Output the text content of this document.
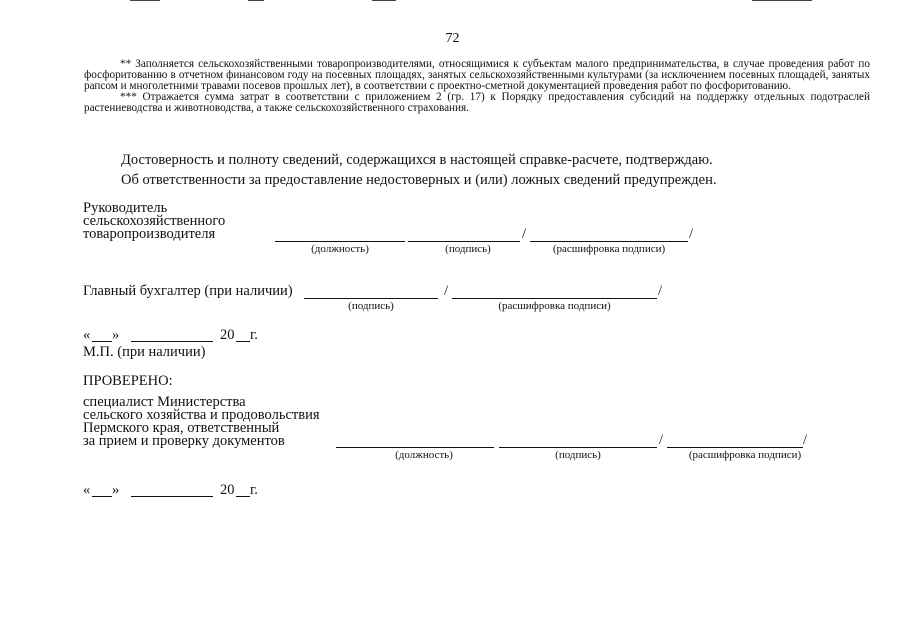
72

** Заполняется сельскохозяйственными товаропроизводителями, относящимися к субъектам малого предпринимательства, в случае проведения работ по фосфоритованию в отчетном финансовом году на посевных площадях, занятых сельскохозяйственными культурами (за исключением посевных площадей, занятых рапсом и многолетними травами посевов прошлых лет), в соответствии с проектно-сметной документацией проведения работ по фосфоритованию.

*** Отражается сумма затрат в соответствии с приложением 2 (гр. 17) к Порядку предоставления субсидий на поддержку отдельных подотраслей растениеводства и животноводства, а также сельскохозяйственного страхования.

Достоверность и полноту сведений, содержащихся в настоящей справке-расчете, подтверждаю.
Об ответственности за предоставление недостоверных и (или) ложных сведений предупрежден.
Руководитель
сельскохозяйственного
товаропроизводителя	/	/
(должность)	(подпись)	(расшифровка подписи)
Главный бухгалтер (при наличии)	/	/
(подпись)	(расшифровка подписи)
« »	20 г.
М.П. (при наличии)
ПРОВЕРЕНО:
специалист Министерства
сельского хозяйства и продовольствия
Пермского края, ответственный
за прием и проверку документов	/	/
(должность)	(подпись)	(расшифровка подписи)
« »	20 г.
